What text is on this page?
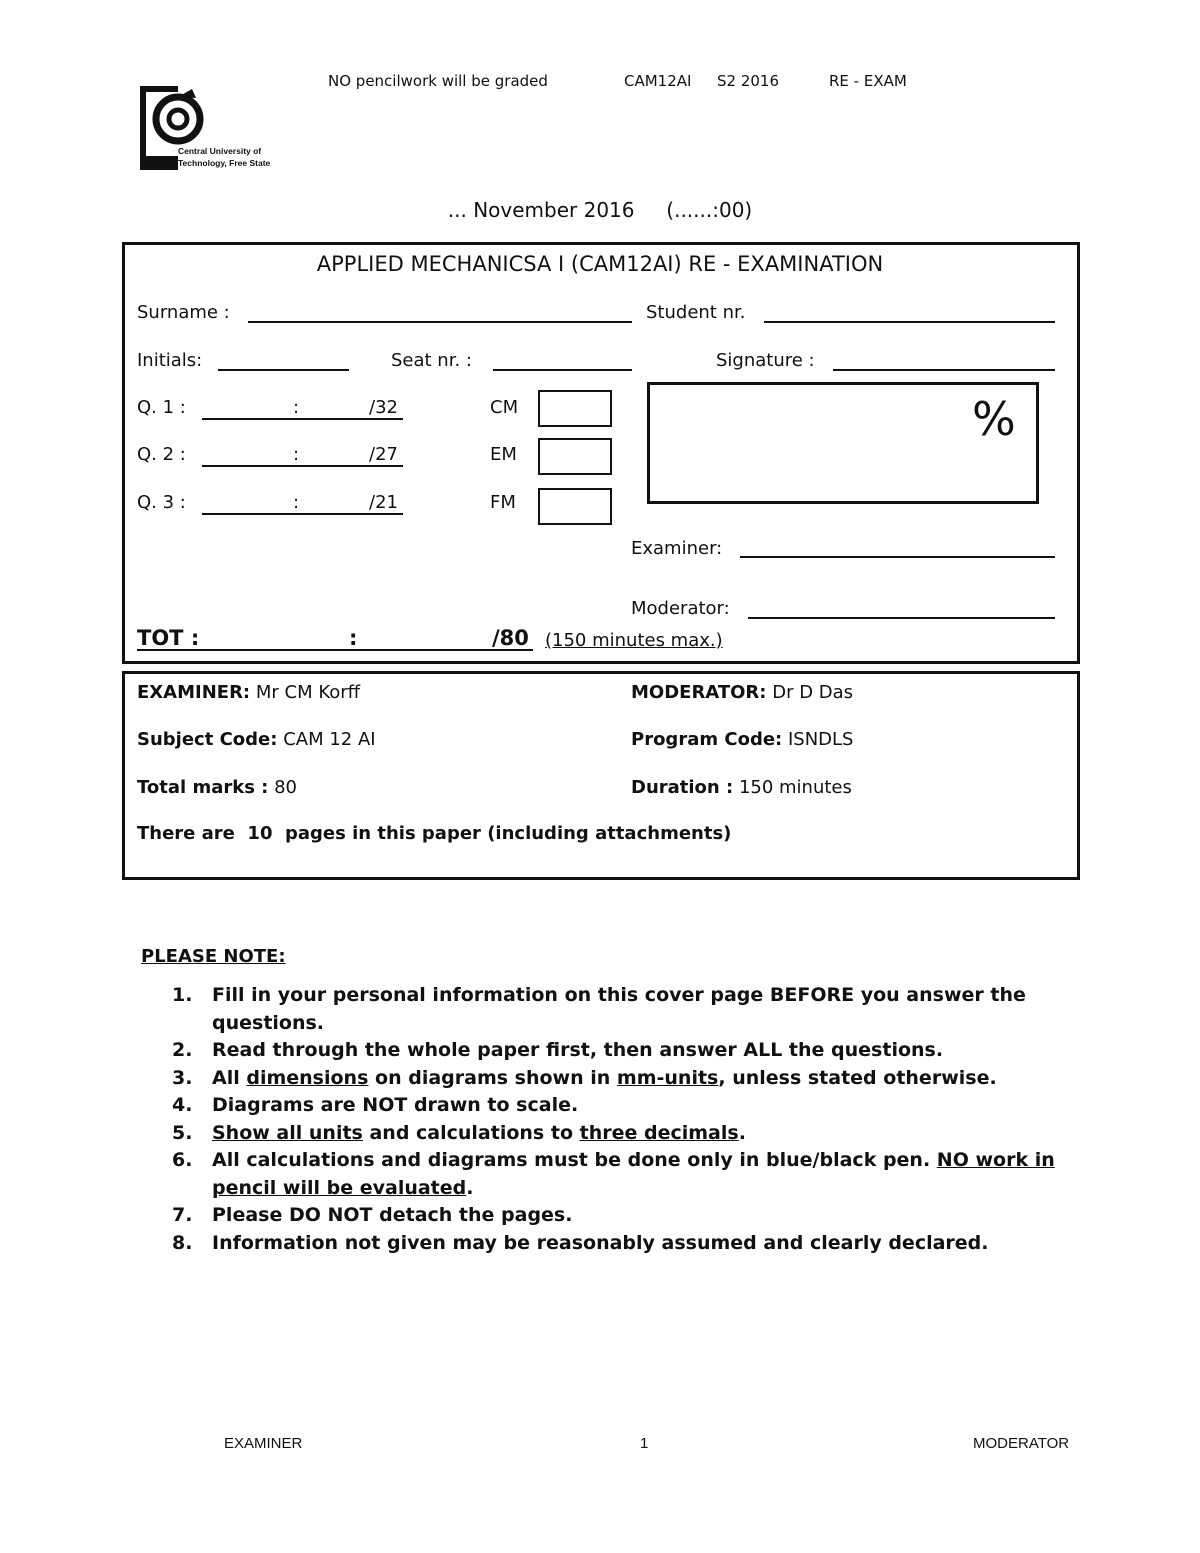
NO pencilwork will be graded	CAM12AI S2 2016	RE - EXAM
Central University of
Technology, Free State
... November 2016     (......:00)
APPLIED MECHANICSA I (CAM12AI) RE - EXAMINATION
Surname :	Student nr.
Initials:	Seat nr. :	Signature :
Q. 1 :	:	/32	CM
Q. 2 :	:	/27	EM
Q. 3 :	:	/21	FM
%
Examiner:
Moderator:
TOT :	:	/80 (150 minutes max.)
EXAMINER: Mr CM Korff	MODERATOR: Dr D Das
Subject Code: CAM 12 AI	Program Code: ISNDLS
Total marks : 80	Duration : 150 minutes
There are  10  pages in this paper (including attachments)
PLEASE NOTE:
1. Fill in your personal information on this cover page BEFORE you answer the questions.
2. Read through the whole paper first, then answer ALL the questions.
3. All dimensions on diagrams shown in mm-units, unless stated otherwise.
4. Diagrams are NOT drawn to scale.
5. Show all units and calculations to three decimals.
6. All calculations and diagrams must be done only in blue/black pen. NO work in pencil will be evaluated.
7. Please DO NOT detach the pages.
8. Information not given may be reasonably assumed and clearly declared.
EXAMINER	1	MODERATOR
